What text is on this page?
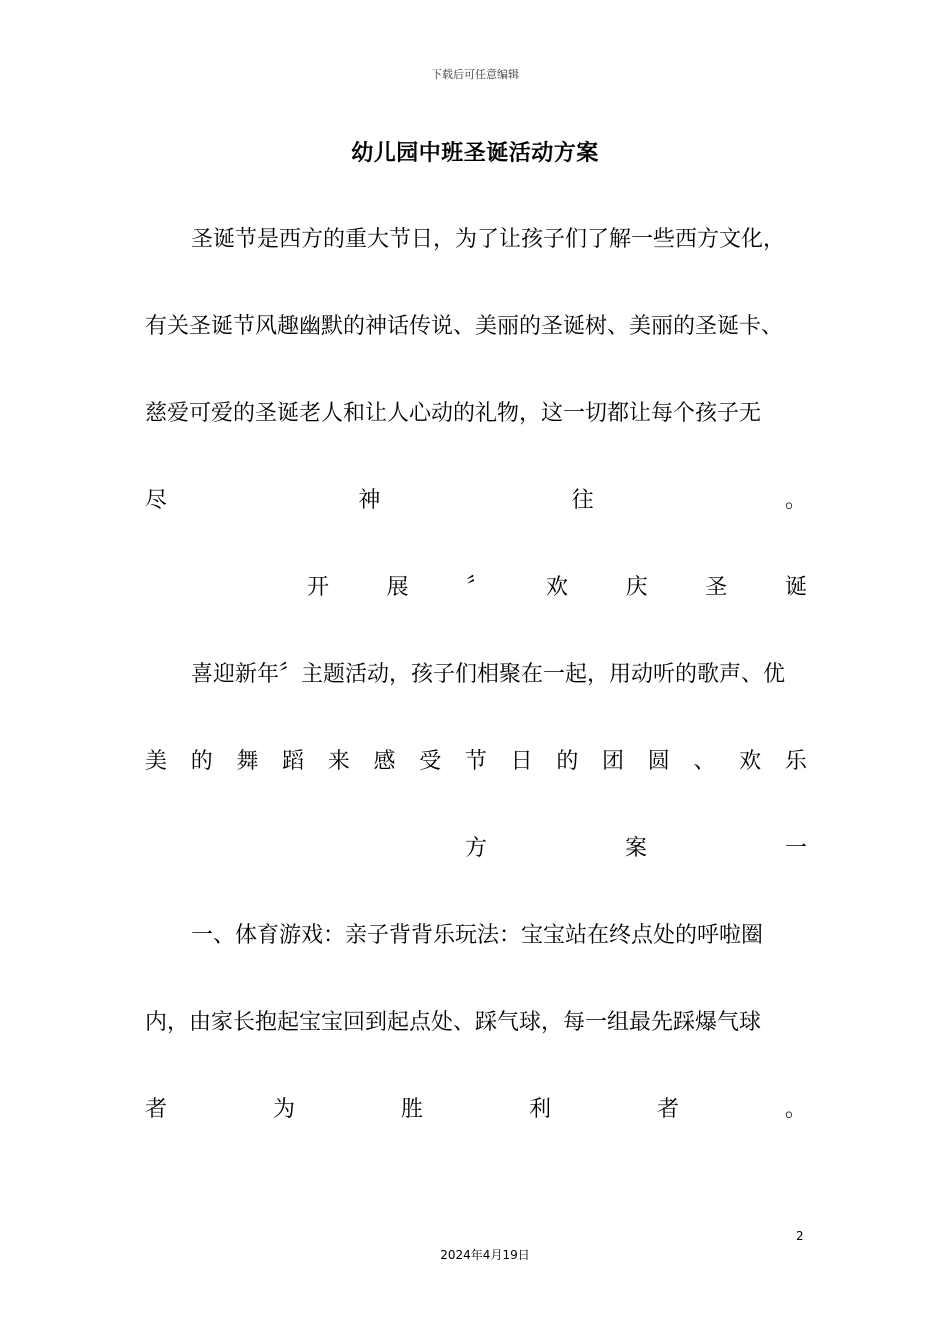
下载后可任意编辑
幼儿园中班圣诞活动方案
圣诞节是西方的重大节日，为了让孩子们了解一些西方文化，
有关圣诞节风趣幽默的神话传说、美丽的圣诞树、美丽的圣诞卡、
慈爱可爱的圣诞老人和让人心动的礼物，这一切都让每个孩子无
尽	神	往	。
开	展	〞	欢	庆	圣	诞
喜迎新年〞主题活动，孩子们相聚在一起，用动听的歌声、优
美 的 舞 蹈 来 感 受 节 日 的 团 圆 、 欢 乐
方	案	一
一、体育游戏：亲子背背乐玩法：宝宝站在终点处的呼啦圈
内，由家长抱起宝宝回到起点处、踩气球，每一组最先踩爆气球
者	为	胜	利	者	。
2
2024年4月19日
